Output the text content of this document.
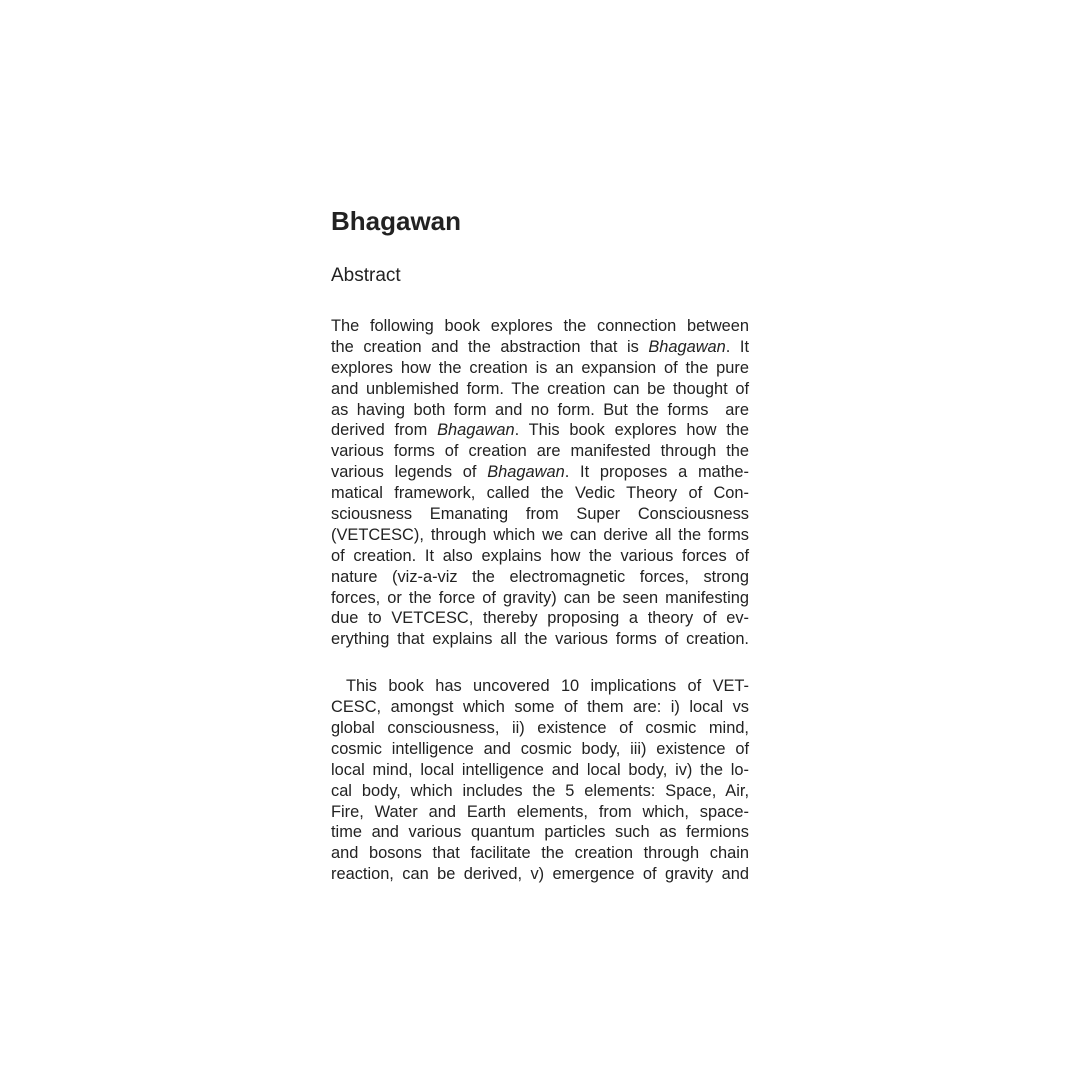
Bhagawan
Abstract
The following book explores the connection between
the creation and the abstraction that is Bhagawan. It
explores how the creation is an expansion of the pure
and unblemished form. The creation can be thought of
as having both form and no form. But the forms  are
derived from Bhagawan. This book explores how the
various forms of creation are manifested through the
various legends of Bhagawan. It proposes a mathe-
matical framework, called the Vedic Theory of Con-
sciousness Emanating from Super Consciousness
(VETCESC), through which we can derive all the forms
of creation. It also explains how the various forces of
nature (viz-a-viz the electromagnetic forces, strong
forces, or the force of gravity) can be seen manifesting
due to VETCESC, thereby proposing a theory of ev-
erything that explains all the various forms of creation.
This book has uncovered 10 implications of VET-
CESC, amongst which some of them are: i) local vs
global consciousness, ii) existence of cosmic mind,
cosmic intelligence and cosmic body, iii) existence of
local mind, local intelligence and local body, iv) the lo-
cal body, which includes the 5 elements: Space, Air,
Fire, Water and Earth elements, from which, space-
time and various quantum particles such as fermions
and bosons that facilitate the creation through chain
reaction, can be derived, v) emergence of gravity and
